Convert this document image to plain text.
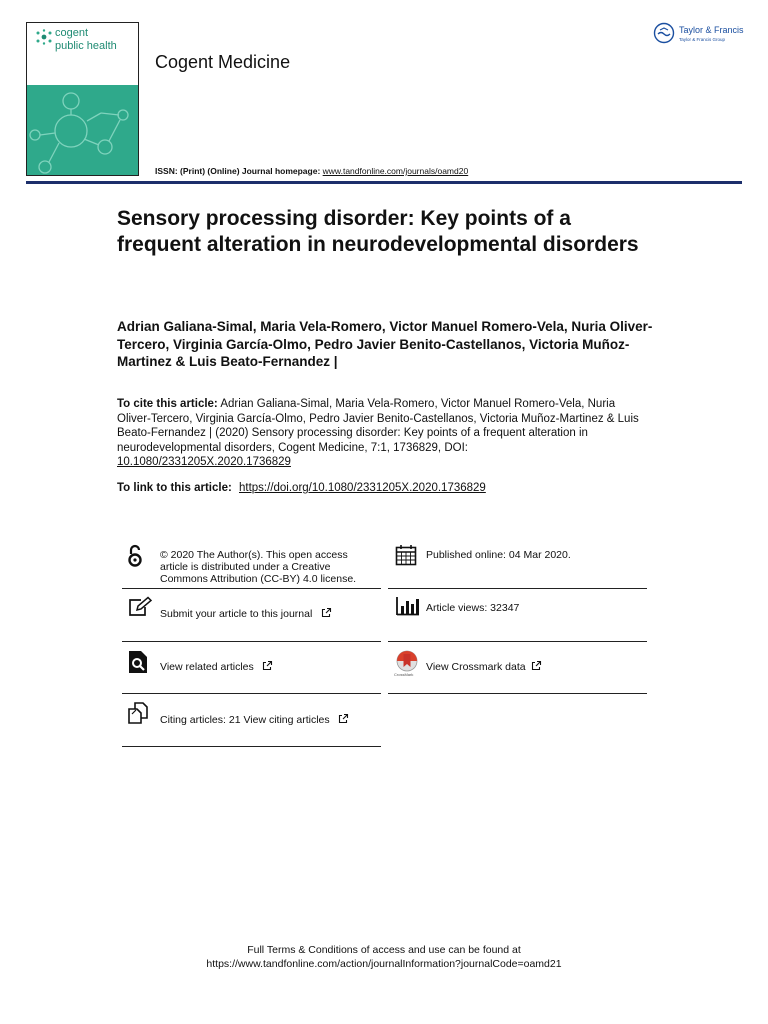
cogent
public health
Cogent Medicine
Taylor & Francis
Taylor & Francis Group
ISSN: (Print) (Online) Journal homepage: www.tandfonline.com/journals/oamd20
Sensory processing disorder: Key points of a frequent alteration in neurodevelopmental disorders
Adrian Galiana-Simal, Maria Vela-Romero, Victor Manuel Romero-Vela, Nuria Oliver-Tercero, Virginia García-Olmo, Pedro Javier Benito-Castellanos, Victoria Muñoz-Martinez & Luis Beato-Fernandez |
To cite this article: Adrian Galiana-Simal, Maria Vela-Romero, Victor Manuel Romero-Vela, Nuria Oliver-Tercero, Virginia García-Olmo, Pedro Javier Benito-Castellanos, Victoria Muñoz-Martinez & Luis Beato-Fernandez | (2020) Sensory processing disorder: Key points of a frequent alteration in neurodevelopmental disorders, Cogent Medicine, 7:1, 1736829, DOI: 10.1080/2331205X.2020.1736829
To link to this article: https://doi.org/10.1080/2331205X.2020.1736829
© 2020 The Author(s). This open access article is distributed under a Creative Commons Attribution (CC-BY) 4.0 license.
Published online: 04 Mar 2020.
Submit your article to this journal	Article views: 32347
View related articles
CrossMark
View Crossmark data
Citing articles: 21 View citing articles
Full Terms & Conditions of access and use can be found at
https://www.tandfonline.com/action/journalInformation?journalCode=oamd21
